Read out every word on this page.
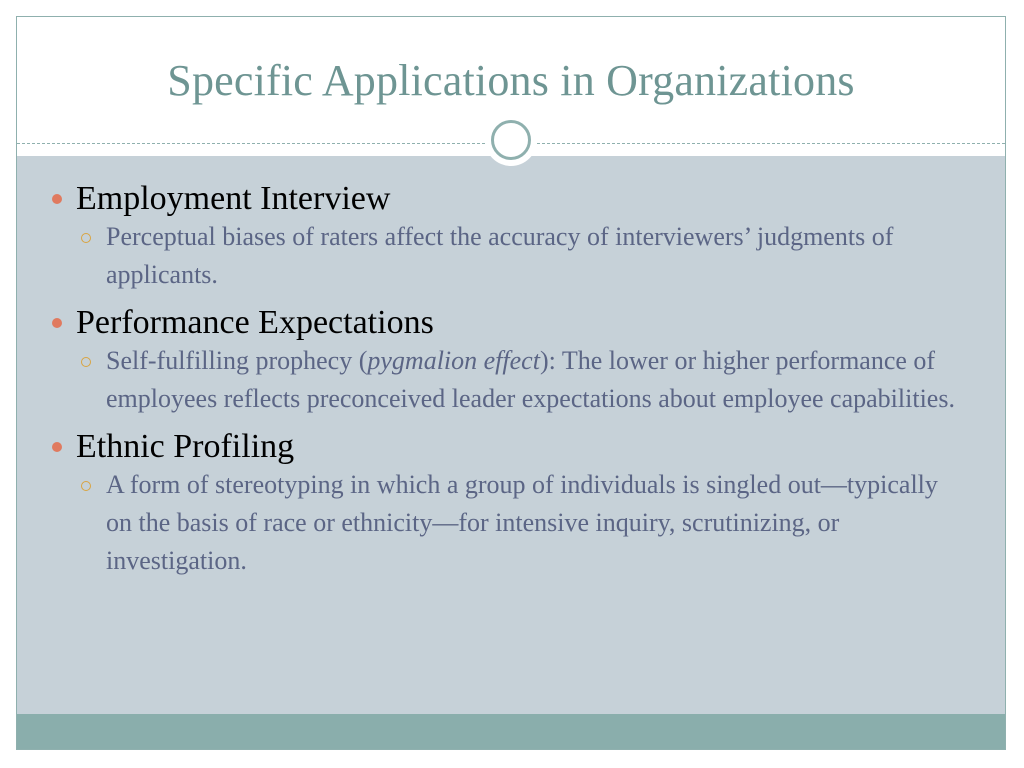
Specific Applications in Organizations

Employment Interview

Perceptual biases of raters affect the accuracy of interviewers’ judgments of applicants.

Performance Expectations

Self-fulfilling prophecy (pygmalion effect): The lower or higher performance of employees reflects preconceived leader expectations about employee capabilities.

Ethnic Profiling

A form of stereotyping in which a group of individuals is singled out—typically on the basis of race or ethnicity—for intensive inquiry, scrutinizing, or investigation.
